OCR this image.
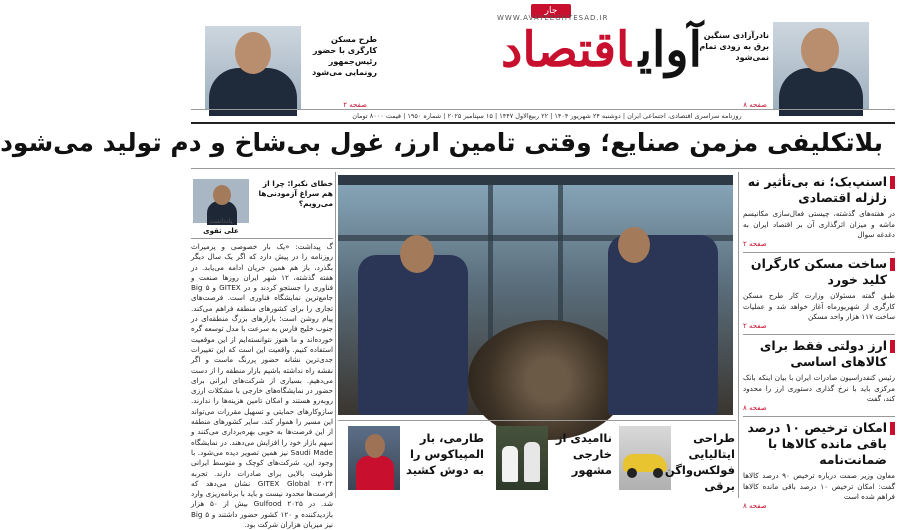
جار
WWW.AVAYEEGHTESAD.IR
آوایاقتصاد
طرح مسکن کارگری با حضور رئیس‌جمهور رونمایی می‌شود
صفحه ۲
نادرآزادی سنگین برق به زودی تمام نمی‌شود
صفحه ۸
روزنامه سراسری اقتصادی، اجتماعی ایران | دوشنبه ۲۴ شهریور ۱۴۰۴ | ۲۲ ربیع‌الاول ۱۴۴۷ | ۱۵ سپتامبر ۲۰۲۵ | شماره ۱۹۵۰ | قیمت ۸۰۰۰ تومان
بلاتکلیفی مزمن صنایع؛ وقتی تامین ارز، غول بی‌شاخ و دم تولید می‌شود
خطای نکبرا: چرا از هم سراغ آزمودنی‌ها می‌رویم؟
یادداشت
علی تقوی

گ‌ پیداشت: «یک بار خصوصی و پرمیراث روزنامه را در پیش دارد که اگر یک سال دیگر بگذرد، باز هم همین جریان ادامه می‌یابد. در هفته گذشته، ۱۲ شهر ایران روزها صنعت و فناوری را جستجو کردند و در GITEX و Big ۵ جامع‌ترین نمایشگاه فناوری است. فرصت‌های تجاری را برای کشورهای منطقه فراهم می‌کند. پیام روشن است؛ بازارهای بزرگ منطقه‌ای در جنوب خلیج فارس به سرعت با مدل توسعه گره خورده‌اند و ما هنوز نتوانسته‌ایم از این موقعیت استفاده کنیم. واقعیت این است که این تغییرات جدی‌ترین نشانه حضور پررنگ ماست و اگر نقشه راه نداشته باشیم بازار منطقه را از دست می‌دهیم. بسیاری از شرکت‌های ایرانی برای حضور در نمایشگاه‌های خارجی با مشکلات ارزی روبه‌رو هستند و امکان تامین هزینه‌ها را ندارند. سازوکارهای حمایتی و تسهیل مقررات می‌تواند این مسیر را هموار کند. سایر کشورهای منطقه از این فرصت‌ها به خوبی بهره‌برداری می‌کنند و سهم بازار خود را افزایش می‌دهند. در نمایشگاه Saudi Made نیز همین تصویر دیده می‌شود. با وجود این، شرکت‌های کوچک و متوسط ایرانی ظرفیت بالایی برای صادرات دارند. تجربه GITEX Global ۲۰۲۴ نشان می‌دهد که فرصت‌ها محدود نیست و باید با برنامه‌ریزی وارد شد. در Gulfood ۲۰۲۵ بیش از ۵۰ هزار بازدیدکننده و ۱۲۰ کشور حضور داشتند و Big ۵ نیز میزبان هزاران شرکت بود.

اسنپ‌بک؛ نه بی‌تأثیر نه زلزله اقتصادی
در هفته‌های گذشته، چیستی فعال‌سازی مکانیسم ماشه و میزان اثرگذاری آن بر اقتصاد ایران به دغدغه سوال
صفحه ۲
ساخت مسکن کارگران کلید خورد
طبق گفته مسئولان وزارت کار طرح مسکن کارگری از شهریورماه آغاز خواهد شد و عملیات ساخت ۱۱۷ هزار واحد مسکن
صفحه ۲
ارز دولتی فقط برای کالاهای اساسی
رئیس کنفدراسیون صادرات ایران با بیان اینکه بانک مرکزی باید با نرخ گذاری دستوری ارز را محدود کند، گفت
صفحه ۸
امکان ترخیص ۱۰ درصد باقی مانده کالاها با ضمانت‌نامه
معاون وزیر صمت درباره ترخیص ۹۰ درصد کالاها گفت: امکان ترخیص ۱۰ درصد باقی مانده کالاها فراهم شده است
صفحه ۸
طراحی ایتالیایی فولکس‌واگن برقی
ناامیدی از خارجی مشهور
طارمی، بار المپیاکوس را به دوش کشید
